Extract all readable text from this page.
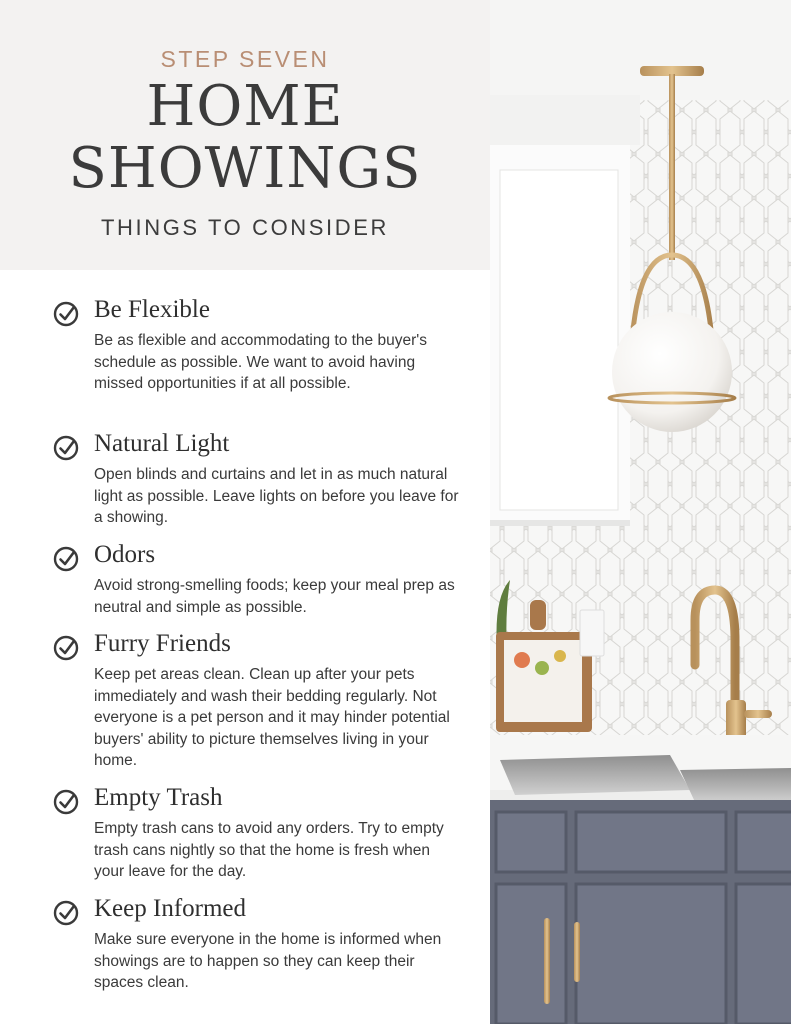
STEP SEVEN
HOME
SHOWINGS
THINGS TO CONSIDER
Be Flexible
Be as flexible and accommodating to the buyer's schedule as possible. We want to avoid having missed opportunities if at all possible.
Natural Light
Open blinds and curtains and let in as much natural light as possible. Leave lights on before you leave for a showing.
Odors
Avoid strong-smelling foods; keep your meal prep as neutral and simple as possible.
Furry Friends
Keep pet areas clean. Clean up after your pets immediately and wash their bedding regularly. Not everyone is a pet person and it may hinder potential buyers' ability to picture themselves living in your home.
Empty Trash
Empty trash cans to avoid any orders. Try to empty trash cans nightly so that the home is fresh when your leave for the day.
Keep Informed
Make sure everyone in the home is informed when showings are to happen so they can keep their spaces clean.
